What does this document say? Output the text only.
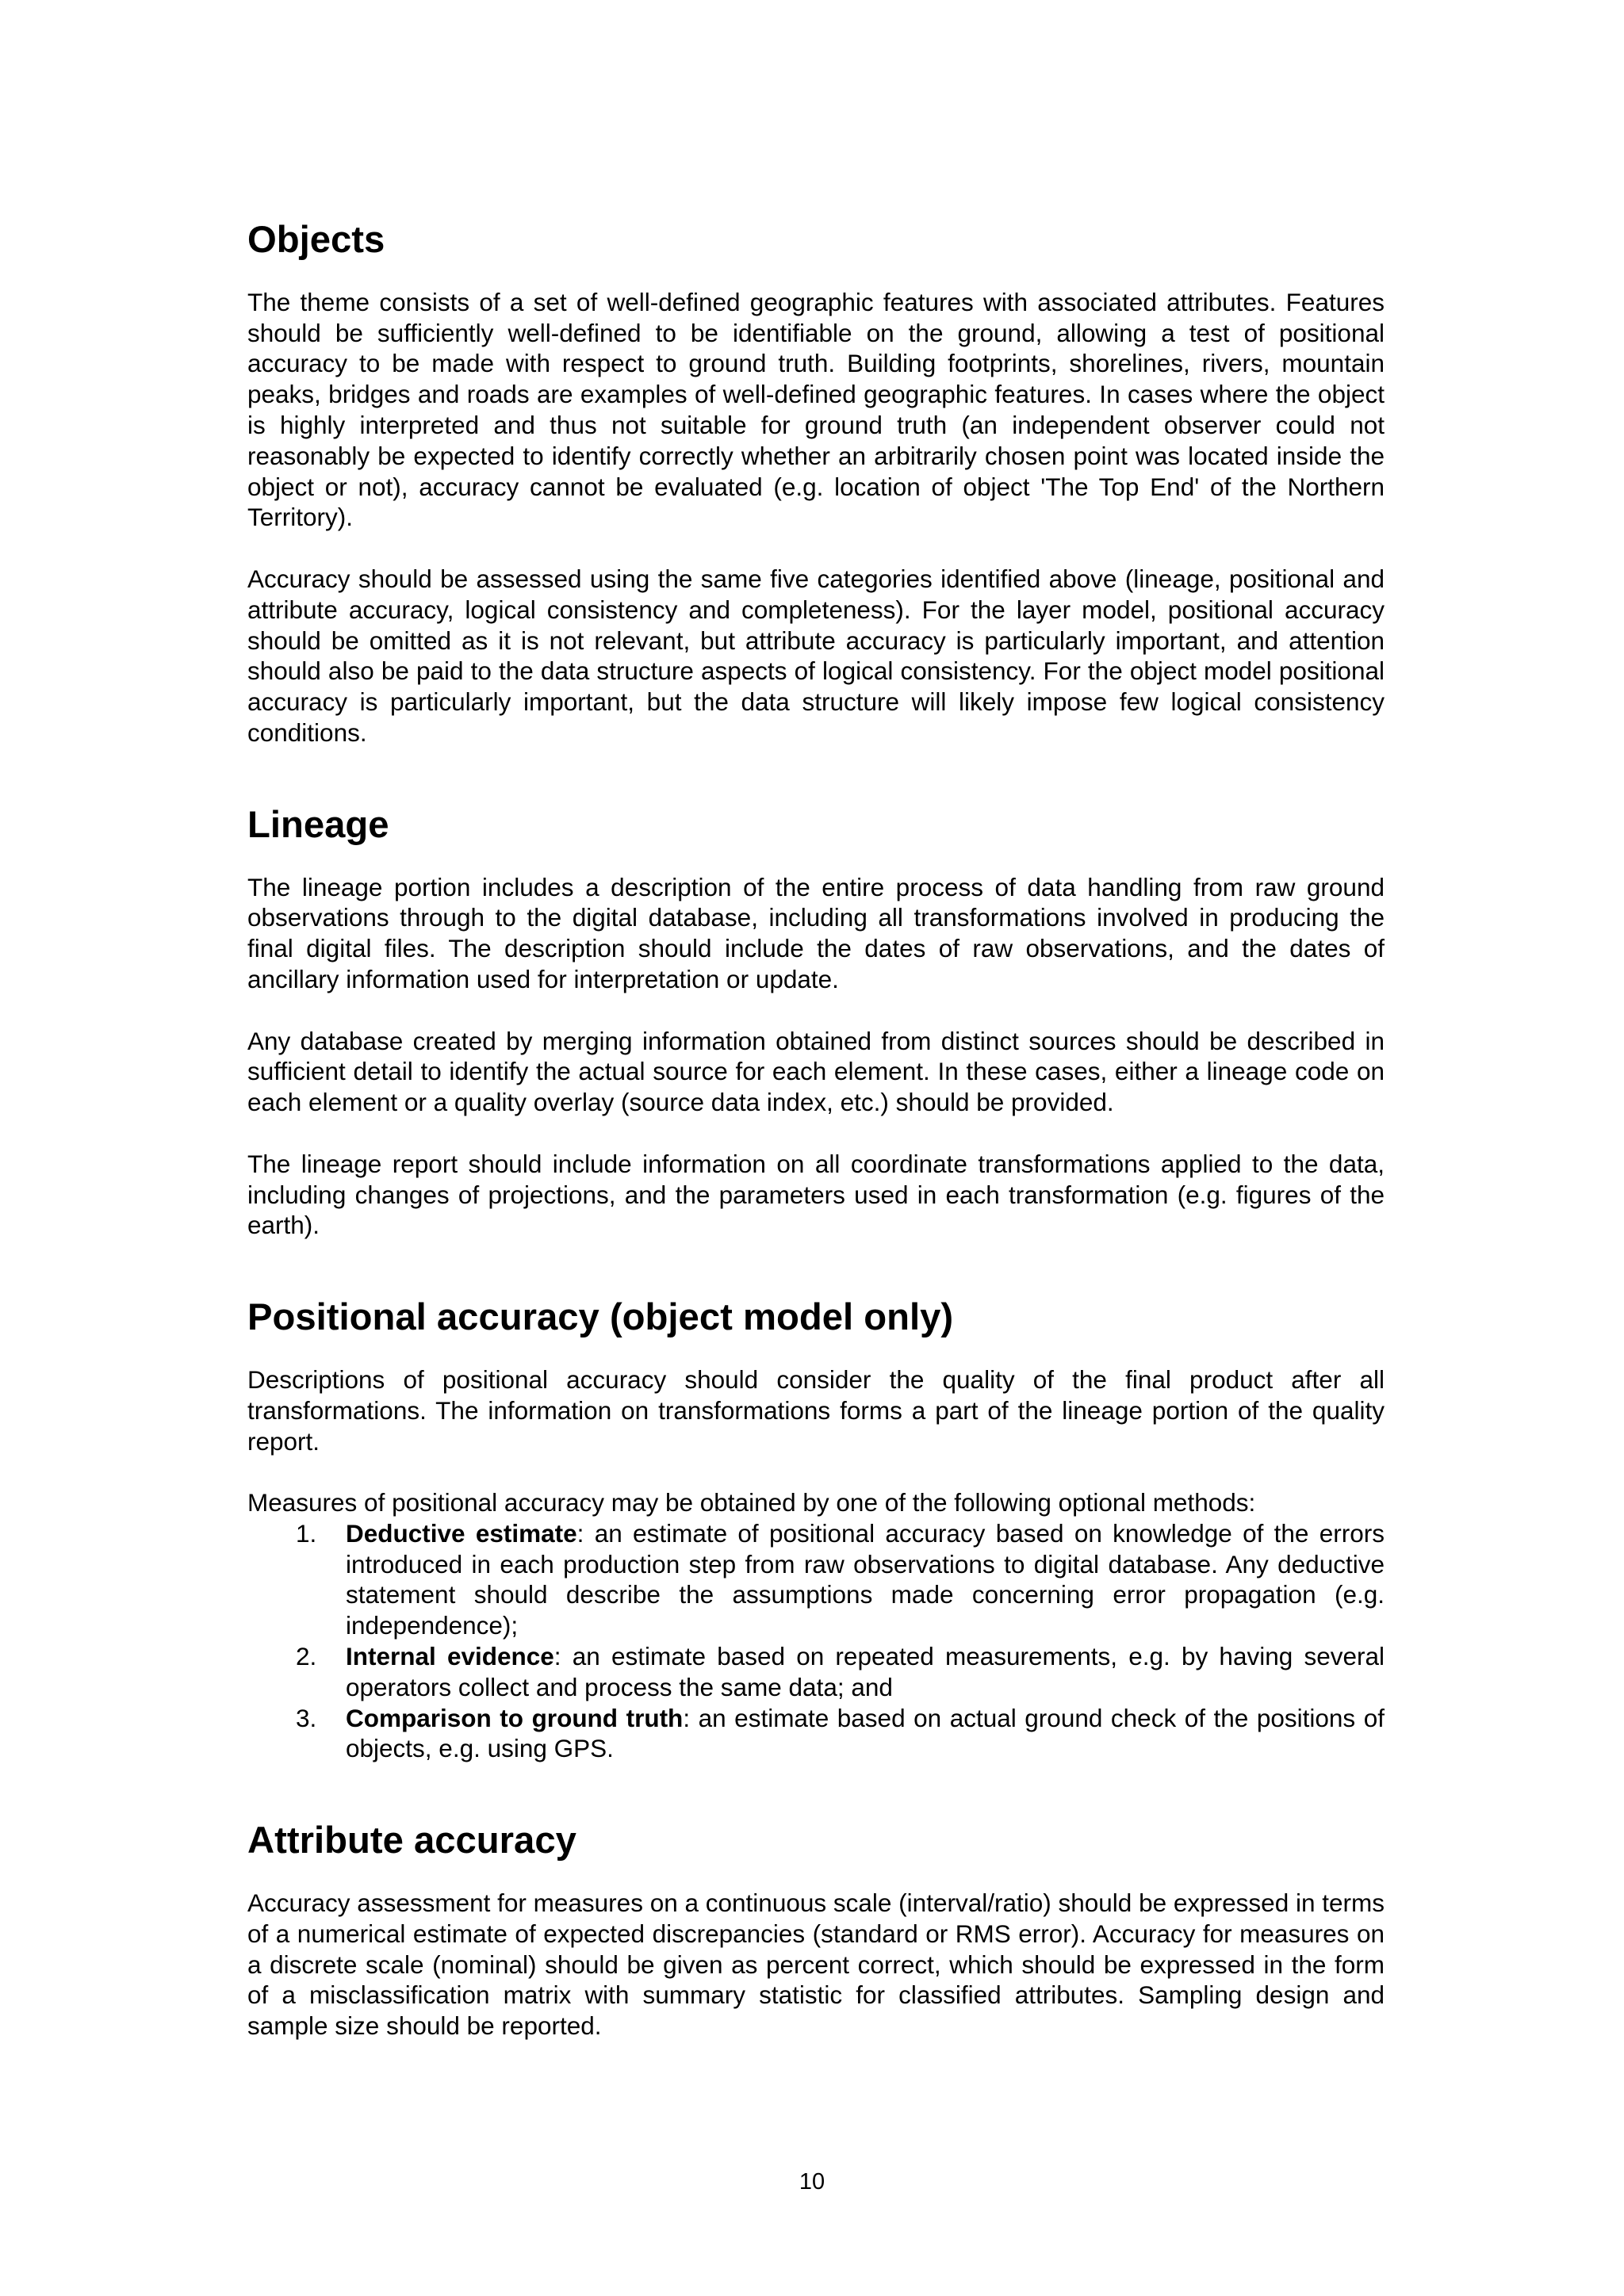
Objects

The theme consists of a set of well-defined geographic features with associated attributes. Features should be sufficiently well-defined to be identifiable on the ground, allowing a test of positional accuracy to be made with respect to ground truth. Building footprints, shorelines, rivers, mountain peaks, bridges and roads are examples of well-defined geographic features. In cases where the object is highly interpreted and thus not suitable for ground truth (an independent observer could not reasonably be expected to identify correctly whether an arbitrarily chosen point was located inside the object or not), accuracy cannot be evaluated (e.g. location of object 'The Top End' of the Northern Territory).

Accuracy should be assessed using the same five categories identified above (lineage, positional and attribute accuracy, logical consistency and completeness). For the layer model, positional accuracy should be omitted as it is not relevant, but attribute accuracy is particularly important, and attention should also be paid to the data structure aspects of logical consistency. For the object model positional accuracy is particularly important, but the data structure will likely impose few logical consistency conditions.

Lineage

The lineage portion includes a description of the entire process of data handling from raw ground observations through to the digital database, including all transformations involved in producing the final digital files. The description should include the dates of raw observations, and the dates of ancillary information used for interpretation or update.

Any database created by merging information obtained from distinct sources should be described in sufficient detail to identify the actual source for each element. In these cases, either a lineage code on each element or a quality overlay (source data index, etc.) should be provided.

The lineage report should include information on all coordinate transformations applied to the data, including changes of projections, and the parameters used in each transformation (e.g. figures of the earth).

Positional accuracy (object model only)

Descriptions of positional accuracy should consider the quality of the final product after all transformations. The information on transformations forms a part of the lineage portion of the quality report.

Measures of positional accuracy may be obtained by one of the following optional methods:

1. Deductive estimate: an estimate of positional accuracy based on knowledge of the errors introduced in each production step from raw observations to digital database. Any deductive statement should describe the assumptions made concerning error propagation (e.g. independence);
2. Internal evidence: an estimate based on repeated measurements, e.g. by having several operators collect and process the same data; and
3. Comparison to ground truth: an estimate based on actual ground check of the positions of objects, e.g. using GPS.
Attribute accuracy

Accuracy assessment for measures on a continuous scale (interval/ratio) should be expressed in terms of a numerical estimate of expected discrepancies (standard or RMS error). Accuracy for measures on a discrete scale (nominal) should be given as percent correct, which should be expressed in the form of a misclassification matrix with summary statistic for classified attributes. Sampling design and sample size should be reported.

10
